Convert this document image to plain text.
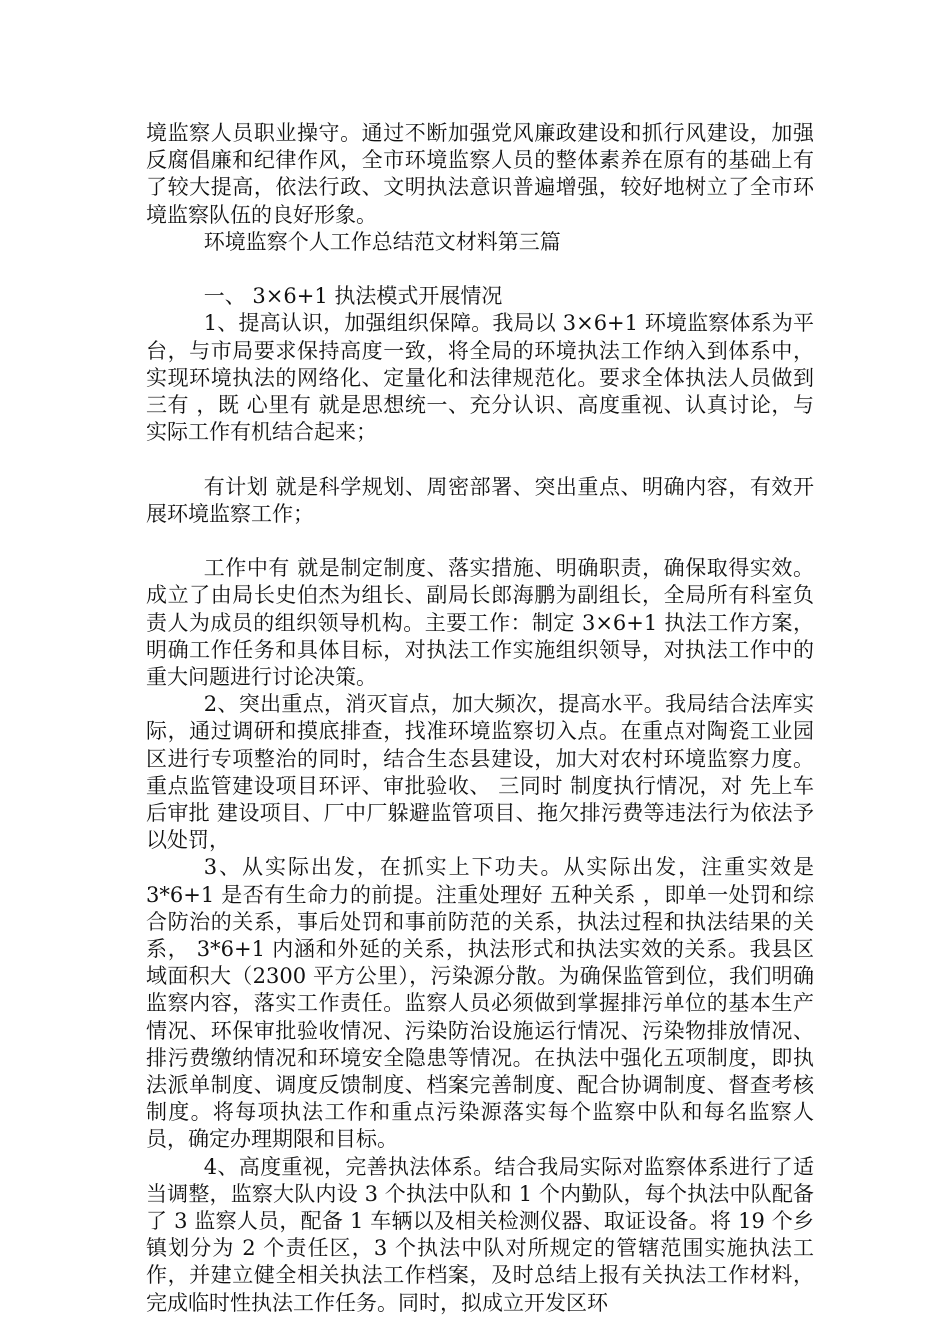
境监察人员职业操守。通过不断加强党风廉政建设和抓行风建设，加强反腐倡廉和纪律作风，全市环境监察人员的整体素养在原有的基础上有了较大提高，依法行政、文明执法意识普遍增强，较好地树立了全市环境监察队伍的良好形象。

环境监察个人工作总结范文材料第三篇

一、 3×6+1 执法模式开展情况

1、提高认识，加强组织保障。我局以 3×6+1 环境监察体系为平台，与市局要求保持高度一致，将全局的环境执法工作纳入到体系中，实现环境执法的网络化、定量化和法律规范化。要求全体执法人员做到 三有 ，既 心里有 就是思想统一、充分认识、高度重视、认真讨论，与实际工作有机结合起来；

有计划 就是科学规划、周密部署、突出重点、明确内容，有效开展环境监察工作；

工作中有 就是制定制度、落实措施、明确职责，确保取得实效。成立了由局长史伯杰为组长、副局长郎海鹏为副组长，全局所有科室负责人为成员的组织领导机构。主要工作：制定 3×6+1 执法工作方案，明确工作任务和具体目标，对执法工作实施组织领导，对执法工作中的重大问题进行讨论决策。

2、突出重点，消灭盲点，加大频次，提高水平。我局结合法库实际，通过调研和摸底排查，找准环境监察切入点。在重点对陶瓷工业园区进行专项整治的同时，结合生态县建设，加大对农村环境监察力度。重点监管建设项目环评、审批验收、 三同时 制度执行情况，对 先上车后审批 建设项目、厂中厂躲避监管项目、拖欠排污费等违法行为依法予以处罚，

3、从实际出发，在抓实上下功夫。从实际出发，注重实效是 3*6+1 是否有生命力的前提。注重处理好 五种关系 ，即单一处罚和综合防治的关系，事后处罚和事前防范的关系，执法过程和执法结果的关系， 3*6+1 内涵和外延的关系，执法形式和执法实效的关系。我县区域面积大（2300 平方公里），污染源分散。为确保监管到位，我们明确监察内容，落实工作责任。监察人员必须做到掌握排污单位的基本生产情况、环保审批验收情况、污染防治设施运行情况、污染物排放情况、排污费缴纳情况和环境安全隐患等情况。在执法中强化五项制度，即执法派单制度、调度反馈制度、档案完善制度、配合协调制度、督查考核制度。将每项执法工作和重点污染源落实每个监察中队和每名监察人员，确定办理期限和目标。

4、高度重视，完善执法体系。结合我局实际对监察体系进行了适当调整，监察大队内设 3 个执法中队和 1 个内勤队，每个执法中队配备了 3 监察人员，配备 1 车辆以及相关检测仪器、取证设备。将 19 个乡镇划分为 2 个责任区，3 个执法中队对所规定的管辖范围实施执法工作，并建立健全相关执法工作档案，及时总结上报有关执法工作材料，完成临时性执法工作任务。同时，拟成立开发区环
